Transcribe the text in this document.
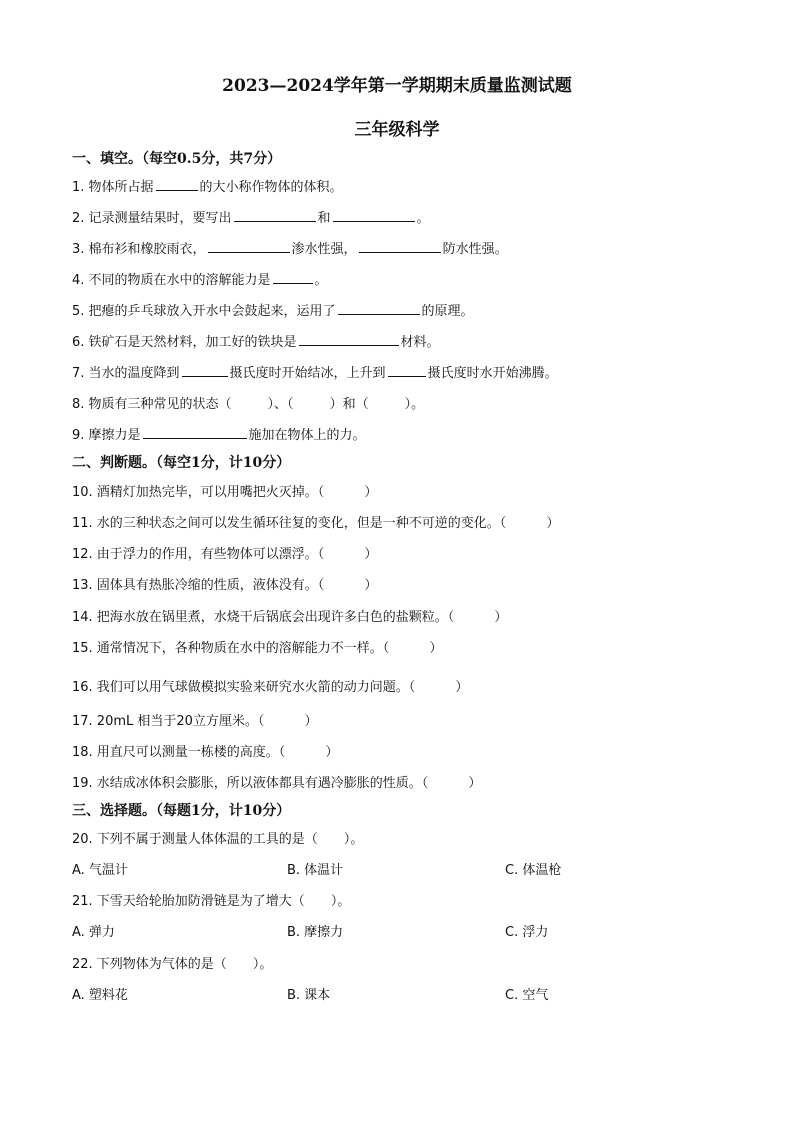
2023—2024学年第一学期期末质量监测试题
三年级科学
一、填空。（每空0.5分，共7分）
1. 物体所占据	的大小称作物体的体积。
2. 记录测量结果时，要写出	和	。
3. 棉布衫和橡胶雨衣，	渗水性强，	防水性强。
4. 不同的物质在水中的溶解能力是	。
5. 把瘪的乒乓球放入开水中会鼓起来，运用了	的原理。
6. 铁矿石是天然材料，加工好的铁块是	材料。
7. 当水的温度降到	摄氏度时开始结冰，上升到	摄氏度时水开始沸腾。
8. 物质有三种常见的状态（	）、（	）和（	）。
9. 摩擦力是	施加在物体上的力。
二、判断题。（每空1分，计10分）
10. 酒精灯加热完毕，可以用嘴把火灭掉。（	）
11. 水的三种状态之间可以发生循环往复的变化，但是一种不可逆的变化。（	）
12. 由于浮力的作用，有些物体可以漂浮。（	）
13. 固体具有热胀冷缩的性质，液体没有。（	）
14. 把海水放在锅里煮，水烧干后锅底会出现许多白色的盐颗粒。（	）
15. 通常情况下，各种物质在水中的溶解能力不一样。（	）
16. 我们可以用气球做模拟实验来研究水火箭的动力问题。（	）
17. 20mL 相当于20立方厘米。（	）
18. 用直尺可以测量一栋楼的高度。（	）
19. 水结成冰体积会膨胀，所以液体都具有遇冷膨胀的性质。（	）
三、选择题。（每题1分，计10分）
20. 下列不属于测量人体体温的工具的是（ ）。
A. 气温计	B. 体温计	C. 体温枪
21. 下雪天给轮胎加防滑链是为了增大（ ）。
A. 弹力	B. 摩擦力	C. 浮力
22. 下列物体为气体的是（ ）。
A. 塑料花	B. 课本	C. 空气
